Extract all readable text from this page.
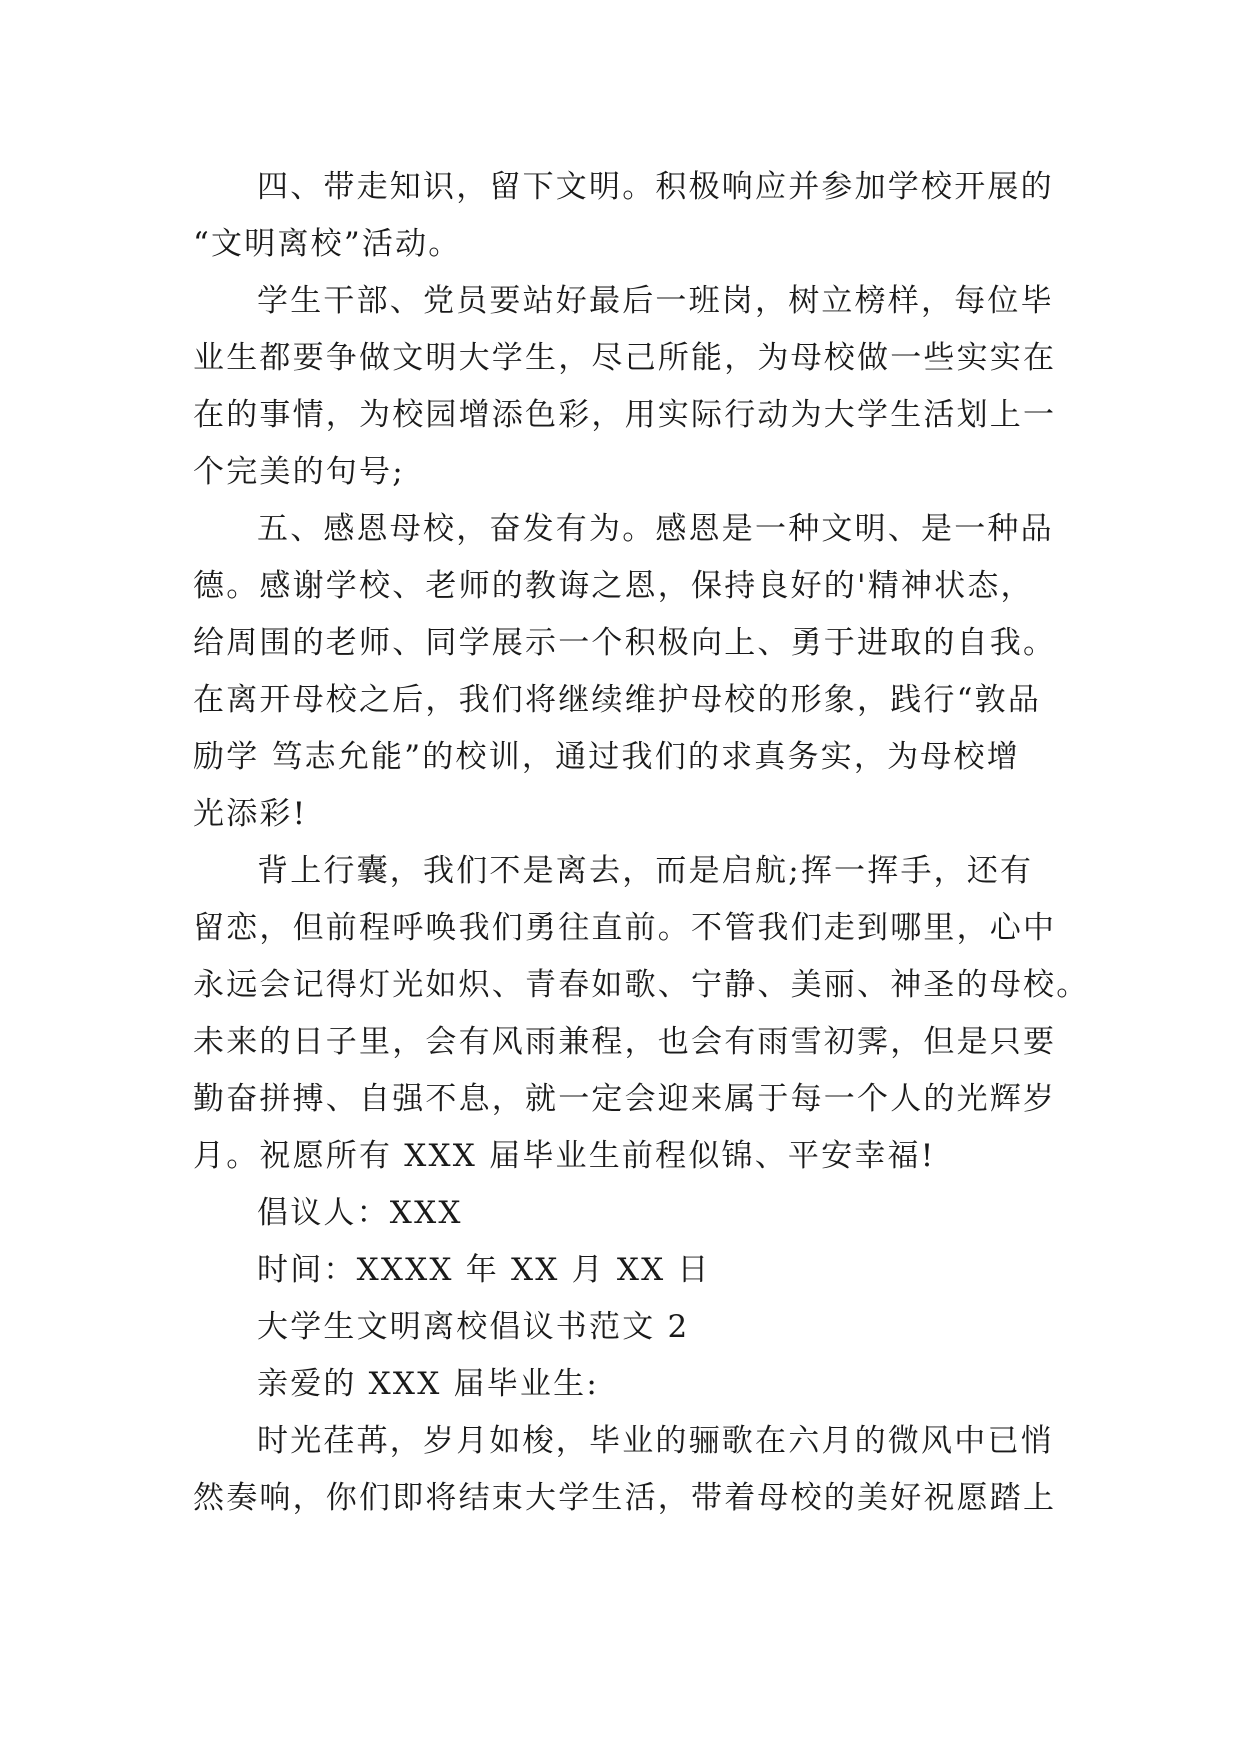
四、带走知识，留下文明。积极响应并参加学校开展的
“文明离校”活动。
学生干部、党员要站好最后一班岗，树立榜样，每位毕
业生都要争做文明大学生，尽己所能，为母校做一些实实在
在的事情，为校园增添色彩，用实际行动为大学生活划上一
个完美的句号;
五、感恩母校，奋发有为。感恩是一种文明、是一种品
德。感谢学校、老师的教诲之恩，保持良好的'精神状态，
给周围的老师、同学展示一个积极向上、勇于进取的自我。
在离开母校之后，我们将继续维护母校的形象，践行“敦品
励学 笃志允能”的校训，通过我们的求真务实，为母校增
光添彩!
背上行囊，我们不是离去，而是启航;挥一挥手，还有
留恋，但前程呼唤我们勇往直前。不管我们走到哪里，心中
永远会记得灯光如炽、青春如歌、宁静、美丽、神圣的母校。
未来的日子里，会有风雨兼程，也会有雨雪初霁，但是只要
勤奋拼搏、自强不息，就一定会迎来属于每一个人的光辉岁
月。祝愿所有 XXX 届毕业生前程似锦、平安幸福!
倡议人：XXX
时间：XXXX 年 XX 月 XX 日
大学生文明离校倡议书范文 2
亲爱的 XXX 届毕业生:
时光荏苒，岁月如梭，毕业的骊歌在六月的微风中已悄
然奏响，你们即将结束大学生活，带着母校的美好祝愿踏上
